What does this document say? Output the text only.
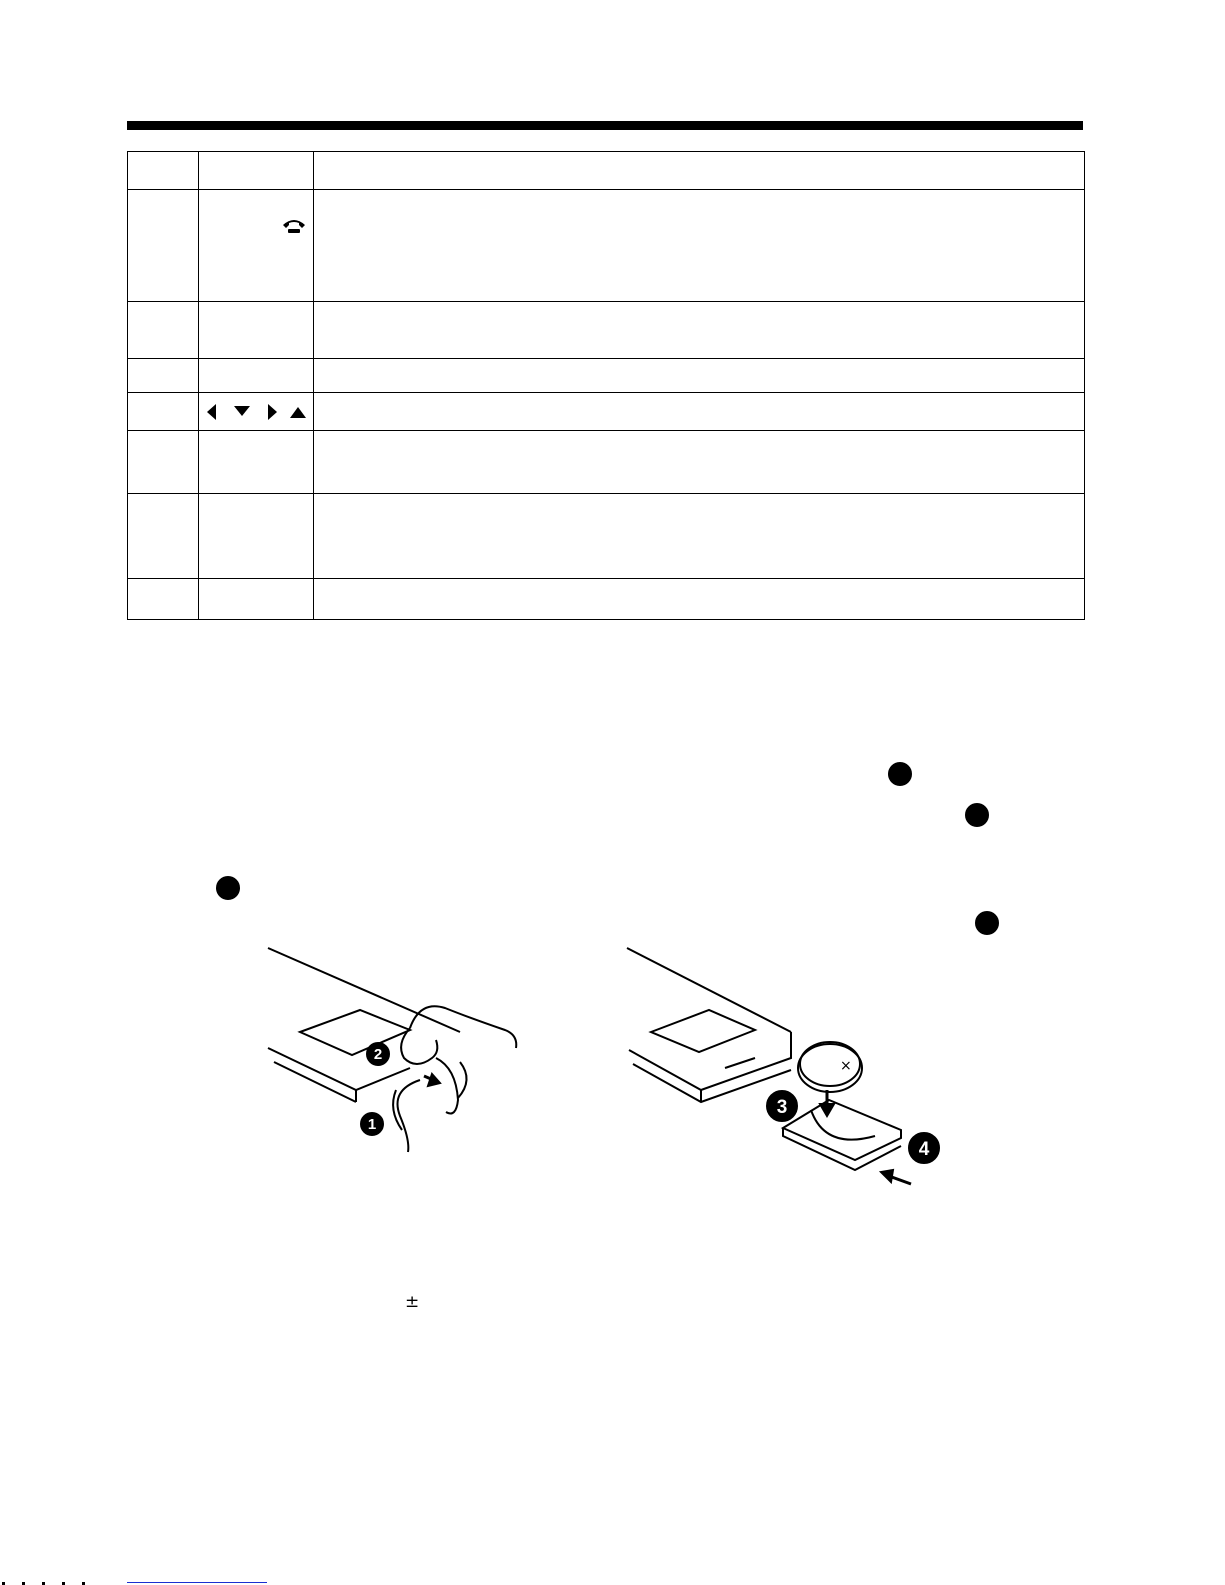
2
1
×
3
4
±
